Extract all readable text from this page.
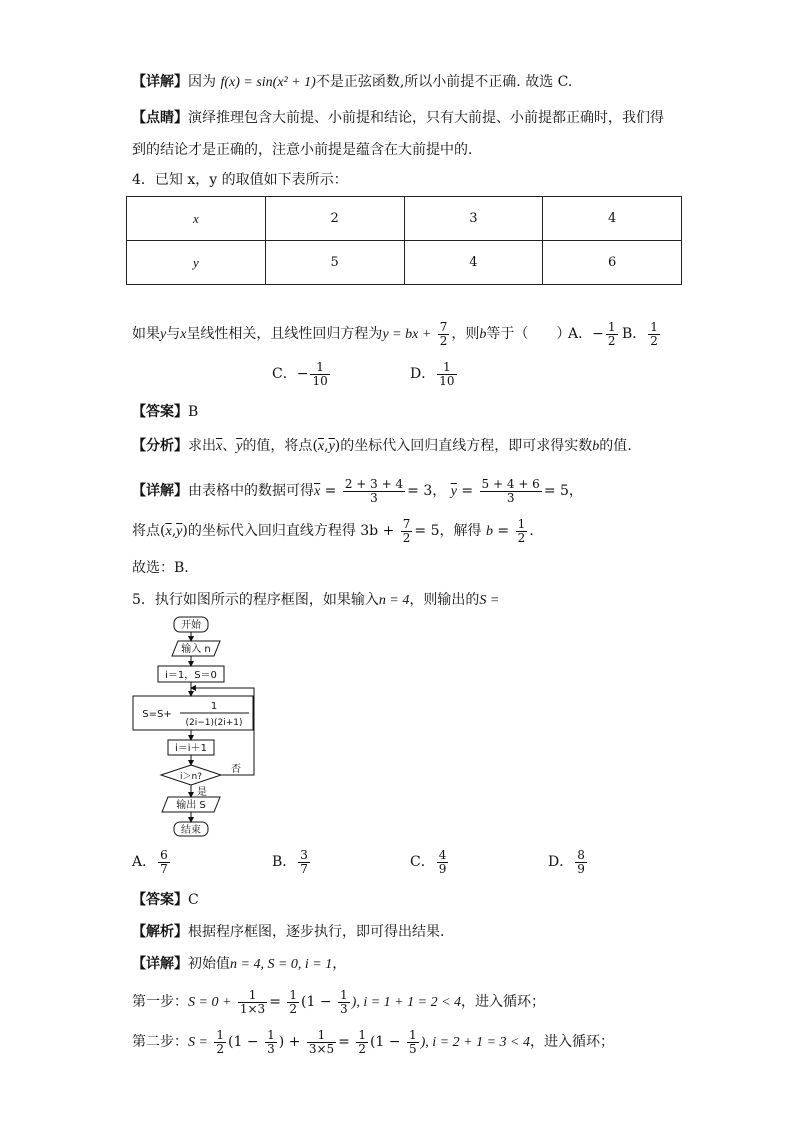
【详解】因为 f(x) = sin(x² + 1)不是正弦函数,所以小前提不正确. 故选 C.
【点睛】演绎推理包含大前提、小前提和结论，只有大前提、小前提都正确时，我们得
到的结论才是正确的，注意小前提是蕴含在大前提中的.
4．已知 x，y 的取值如下表所示：
x	2	3	4
y	5	4	6
如果y与x呈线性相关，且线性回归方程为y = bx + $\frac{7}{2}$ ，则b等于（　　）
A．− $\frac{1}{2}$ B． $\frac{1}{2}$
C．− $\frac{1}{10}$	D． $\frac{1}{10}$
【答案】B
【分析】求出$\overline{x}$、$\overline{y}$的值，将点$(\overline{x},\overline{y})$的坐标代入回归直线方程，即可求得实数b的值.
【详解】由表格中的数据可得$\overline{x} = \frac{2 + 3 + 4}{3} = 3$， $\overline{y} = \frac{5 + 4 + 6}{3} = 5$，
将点$(\overline{x},\overline{y})$的坐标代入回归直线方程得 $3b + \frac{7}{2} = 5$，解得 $b = \frac{1}{2}$ .
故选：B.
5．执行如图所示的程序框图，如果输入n = 4，则输出的S =
开始
输入 n
i＝1，S＝0
S=S+
1
(2i−1)(2i+1)
i＝i＋1
i＞n?
否
是
输出 S
结束
A． $\frac{6}{7}$	B． $\frac{3}{7}$	C． $\frac{4}{9}$	D． $\frac{8}{9}$
【答案】C
【解析】根据程序框图，逐步执行，即可得出结果.
【详解】初始值n = 4, S = 0, i = 1，
第一步：$S = 0 + \frac{1}{1\times 3} = \frac{1}{2} (1 - \frac{1}{3}$ ), i = 1 + 1 = 2 < 4，进入循环；
第二步：$S = \frac{1}{2} (1 - \frac{1}{3}$ ) + $\frac{1}{3\times 5} = \frac{1}{2} (1 - \frac{1}{5}$ ), i = 2 + 1 = 3 < 4，进入循环；
